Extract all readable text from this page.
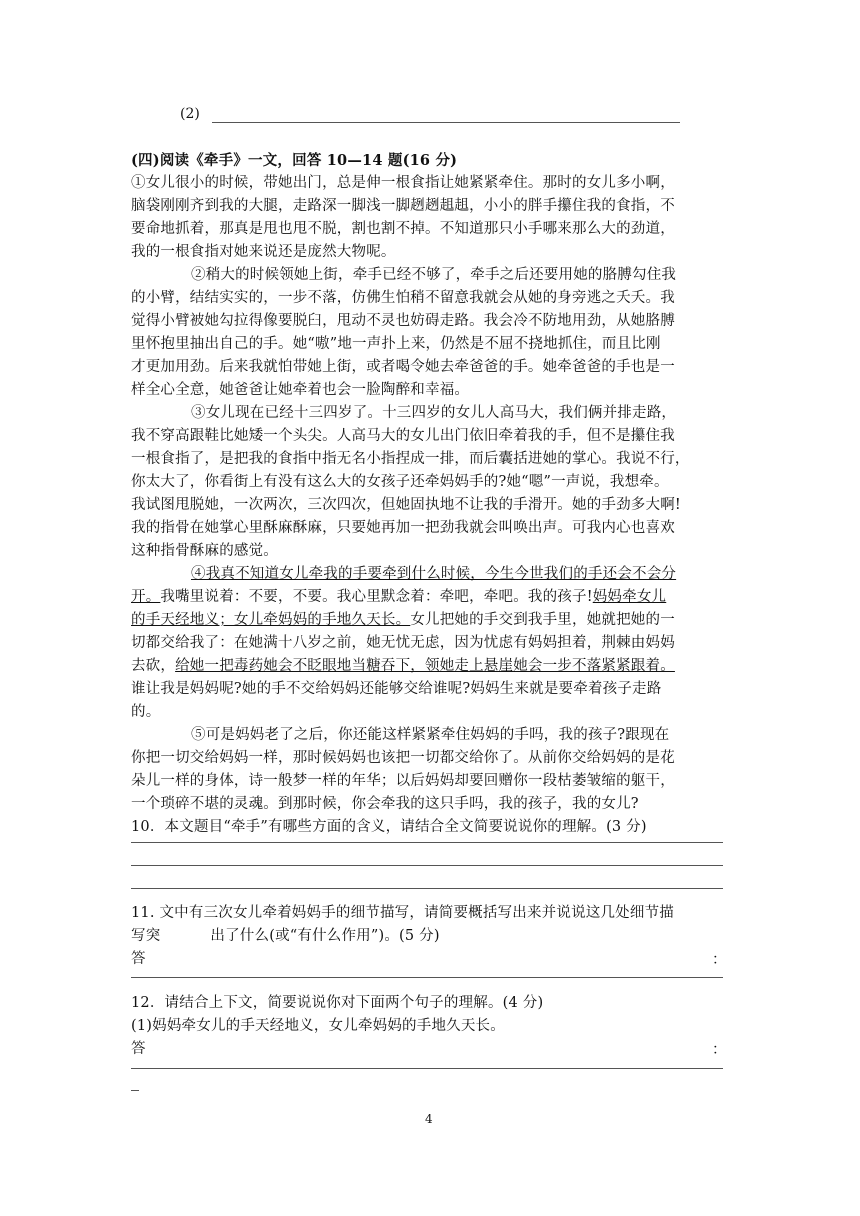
(2)
(四)阅读《牵手》一文，回答 10—14 题(16 分)
①女儿很小的时候，带她出门，总是伸一根食指让她紧紧牵住。那时的女儿多小啊，
脑袋刚刚齐到我的大腿，走路深一脚浅一脚趔趔趄趄，小小的胖手攥住我的食指，不
要命地抓着，那真是甩也甩不脱，割也割不掉。不知道那只小手哪来那么大的劲道，
我的一根食指对她来说还是庞然大物呢。
②稍大的时候领她上街，牵手已经不够了，牵手之后还要用她的胳膊勾住我
的小臂，结结实实的，一步不落，仿佛生怕稍不留意我就会从她的身旁逃之夭夭。我
觉得小臂被她勾拉得像要脱臼，甩动不灵也妨碍走路。我会冷不防地用劲，从她胳膊
里怀抱里抽出自己的手。她“嗷”地一声扑上来，仍然是不屈不挠地抓住，而且比刚
才更加用劲。后来我就怕带她上街，或者喝令她去牵爸爸的手。她牵爸爸的手也是一
样全心全意，她爸爸让她牵着也会一脸陶醉和幸福。
③女儿现在已经十三四岁了。十三四岁的女儿人高马大，我们俩并排走路，
我不穿高跟鞋比她矮一个头尖。人高马大的女儿出门依旧牵着我的手，但不是攥住我
一根食指了，是把我的食指中指无名小指捏成一排，而后囊括进她的掌心。我说不行，
你太大了，你看街上有没有这么大的女孩子还牵妈妈手的?她“嗯”一声说，我想牵。
我试图甩脱她，一次两次，三次四次，但她固执地不让我的手滑开。她的手劲多大啊!
我的指骨在她掌心里酥麻酥麻，只要她再加一把劲我就会叫唤出声。可我内心也喜欢
这种指骨酥麻的感觉。
④我真不知道女儿牵我的手要牵到什么时候，今生今世我们的手还会不会分
开。我嘴里说着：不要，不要。我心里默念着：牵吧，牵吧。我的孩子!妈妈牵女儿
的手天经地义；女儿牵妈妈的手地久天长。女儿把她的手交到我手里，她就把她的一
切都交给我了：在她满十八岁之前，她无忧无虑，因为忧虑有妈妈担着，荆棘由妈妈
去砍，给她一把毒药她会不眨眼地当糖吞下，领她走上悬崖她会一步不落紧紧跟着。
谁让我是妈妈呢?她的手不交给妈妈还能够交给谁呢?妈妈生来就是要牵着孩子走路
的。
⑤可是妈妈老了之后，你还能这样紧紧牵住妈妈的手吗，我的孩子?跟现在
你把一切交给妈妈一样，那时候妈妈也该把一切都交给你了。从前你交给妈妈的是花
朵儿一样的身体，诗一般梦一样的年华；以后妈妈却要回赠你一段枯萎皱缩的躯干，
一个琐碎不堪的灵魂。到那时候，你会牵我的这只手吗，我的孩子，我的女儿?
10．本文题目“牵手”有哪些方面的含义，请结合全文简要说说你的理解。(3 分)
11. 文中有三次女儿牵着妈妈手的细节描写，请简要概括写出来并说说这几处细节描
写突	出了什么(或“有什么作用”)。(5 分)
答	：
12．请结合上下文，简要说说你对下面两个句子的理解。(4 分)
(1)妈妈牵女儿的手天经地义，女儿牵妈妈的手地久天长。
答	：
4
